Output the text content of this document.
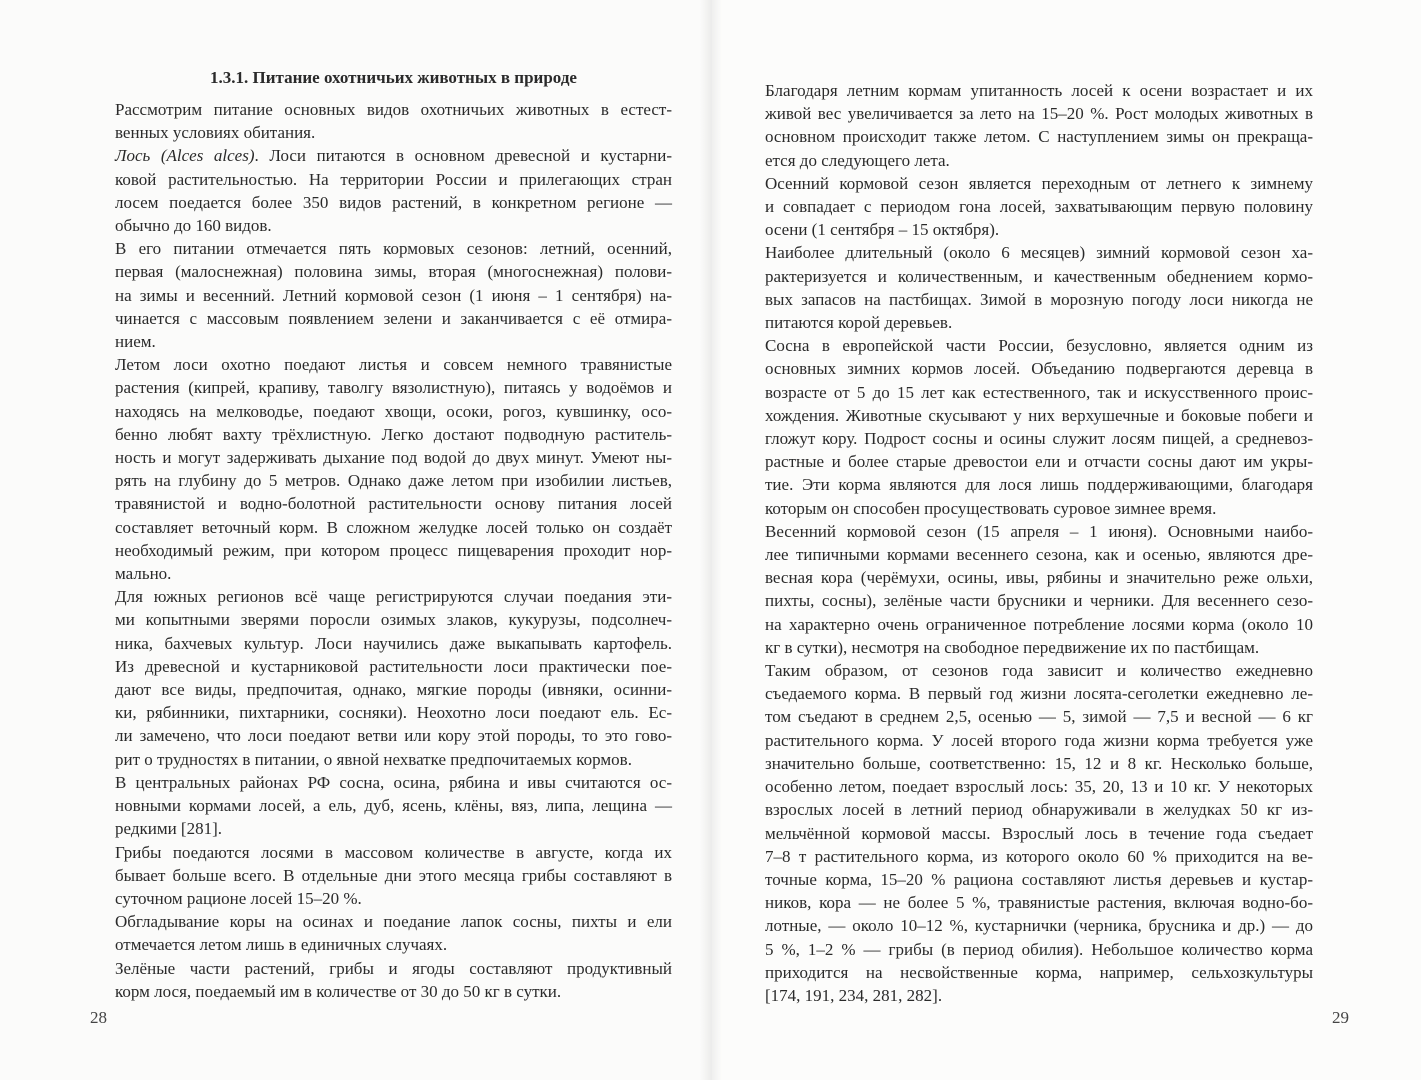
1.3.1. Питание охотничьих животных в природе
Рассмотрим питание основных видов охотничьих животных в естест-
венных условиях обитания.
Лось (Alces alces). Лоси питаются в основном древесной и кустарни-
ковой растительностью. На территории России и прилегающих стран
лосем поедается более 350 видов растений, в конкретном регионе —
обычно до 160 видов.
В его питании отмечается пять кормовых сезонов: летний, осенний,
первая (малоснежная) половина зимы, вторая (многоснежная) полови-
на зимы и весенний. Летний кормовой сезон (1 июня – 1 сентября) на-
чинается с массовым появлением зелени и заканчивается с её отмира-
нием.
Летом лоси охотно поедают листья и совсем немного травянистые
растения (кипрей, крапиву, таволгу вязолистную), питаясь у водоёмов и
находясь на мелководье, поедают хвощи, осоки, рогоз, кувшинку, осо-
бенно любят вахту трёхлистную. Легко достают подводную раститель-
ность и могут задерживать дыхание под водой до двух минут. Умеют ны-
рять на глубину до 5 метров. Однако даже летом при изобилии листьев,
травянистой и водно-болотной растительности основу питания лосей
составляет веточный корм. В сложном желудке лосей только он создаёт
необходимый режим, при котором процесс пищеварения проходит нор-
мально.
Для южных регионов всё чаще регистрируются случаи поедания эти-
ми копытными зверями поросли озимых злаков, кукурузы, подсолнеч-
ника, бахчевых культур. Лоси научились даже выкапывать картофель.
Из древесной и кустарниковой растительности лоси практически пое-
дают все виды, предпочитая, однако, мягкие породы (ивняки, осинни-
ки, рябинники, пихтарники, сосняки). Неохотно лоси поедают ель. Ес-
ли замечено, что лоси поедают ветви или кору этой породы, то это гово-
рит о трудностях в питании, о явной нехватке предпочитаемых кормов.
В центральных районах РФ сосна, осина, рябина и ивы считаются ос-
новными кормами лосей, а ель, дуб, ясень, клёны, вяз, липа, лещина —
редкими [281].
Грибы поедаются лосями в массовом количестве в августе, когда их
бывает больше всего. В отдельные дни этого месяца грибы составляют в
суточном рационе лосей 15–20 %.
Обгладывание коры на осинах и поедание лапок сосны, пихты и ели
отмечается летом лишь в единичных случаях.
Зелёные части растений, грибы и ягоды составляют продуктивный
корм лося, поедаемый им в количестве от 30 до 50 кг в сутки.
28
Благодаря летним кормам упитанность лосей к осени возрастает и их
живой вес увеличивается за лето на 15–20 %. Рост молодых животных в
основном происходит также летом. С наступлением зимы он прекраща-
ется до следующего лета.
Осенний кормовой сезон является переходным от летнего к зимнему
и совпадает с периодом гона лосей, захватывающим первую половину
осени (1 сентября – 15 октября).
Наиболее длительный (около 6 месяцев) зимний кормовой сезон ха-
рактеризуется и количественным, и качественным обеднением кормо-
вых запасов на пастбищах. Зимой в морозную погоду лоси никогда не
питаются корой деревьев.
Сосна в европейской части России, безусловно, является одним из
основных зимних кормов лосей. Объеданию подвергаются деревца в
возрасте от 5 до 15 лет как естественного, так и искусственного проис-
хождения. Животные скусывают у них верхушечные и боковые побеги и
гложут кору. Подрост сосны и осины служит лосям пищей, а средневоз-
растные и более старые древостои ели и отчасти сосны дают им укры-
тие. Эти корма являются для лося лишь поддерживающими, благодаря
которым он способен просуществовать суровое зимнее время.
Весенний кормовой сезон (15 апреля – 1 июня). Основными наибо-
лее типичными кормами весеннего сезона, как и осенью, являются дре-
весная кора (черёмухи, осины, ивы, рябины и значительно реже ольхи,
пихты, сосны), зелёные части брусники и черники. Для весеннего сезо-
на характерно очень ограниченное потребление лосями корма (около 10
кг в сутки), несмотря на свободное передвижение их по пастбищам.
Таким образом, от сезонов года зависит и количество ежедневно
съедаемого корма. В первый год жизни лосята-сеголетки ежедневно ле-
том съедают в среднем 2,5, осенью — 5, зимой — 7,5 и весной — 6 кг
растительного корма. У лосей второго года жизни корма требуется уже
значительно больше, соответственно: 15, 12 и 8 кг. Несколько больше,
особенно летом, поедает взрослый лось: 35, 20, 13 и 10 кг. У некоторых
взрослых лосей в летний период обнаруживали в желудках 50 кг из-
мельчённой кормовой массы. Взрослый лось в течение года съедает
7–8 т растительного корма, из которого около 60 % приходится на ве-
точные корма, 15–20 % рациона составляют листья деревьев и кустар-
ников, кора — не более 5 %, травянистые растения, включая водно-бо-
лотные, — около 10–12 %, кустарнички (черника, брусника и др.) — до
5 %, 1–2 % — грибы (в период обилия). Небольшое количество корма
приходится на несвойственные корма, например, сельхозкультуры
[174, 191, 234, 281, 282].
29
